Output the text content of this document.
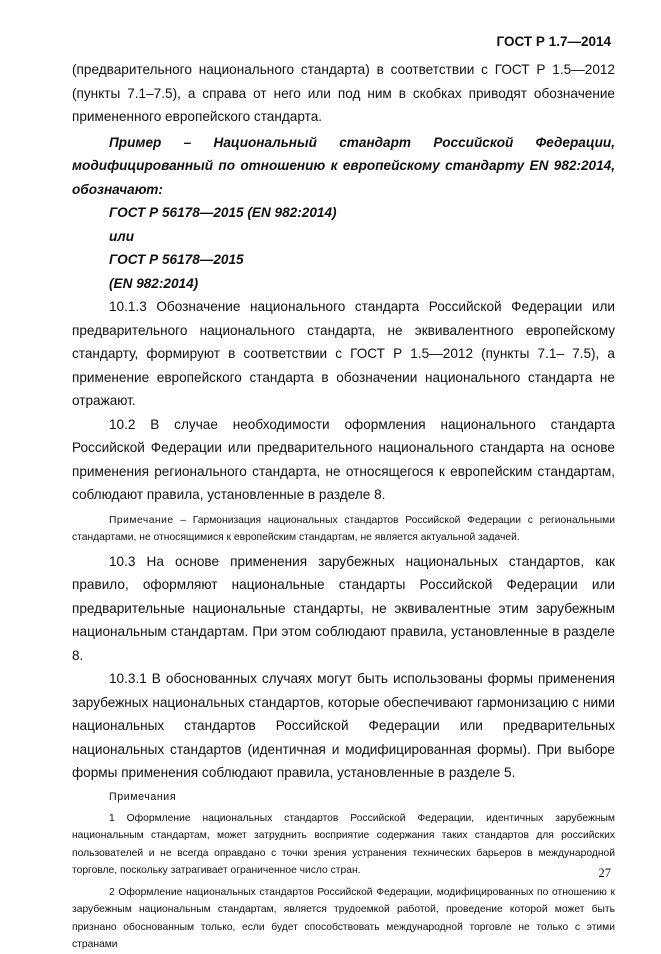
ГОСТ Р 1.7—2014

(предварительного национального стандарта) в соответствии с ГОСТ Р 1.5—2012 (пункты 7.1–7.5), а справа от него или под ним в скобках приводят обозначение примененного европейского стандарта.

Пример – Национальный стандарт Российской Федерации, модифицированный по отношению к европейскому стандарту EN 982:2014, обозначают:

ГОСТ Р 56178—2015 (EN 982:2014)

или

ГОСТ Р 56178—2015

(EN 982:2014)

10.1.3 Обозначение национального стандарта Российской Федерации или предварительного национального стандарта, не эквивалентного европейскому стандарту, формируют в соответствии с ГОСТ Р 1.5—2012 (пункты 7.1– 7.5), а применение европейского стандарта в обозначении национального стандарта не отражают.

10.2 В случае необходимости оформления национального стандарта Российской Федерации или предварительного национального стандарта на основе применения регионального стандарта, не относящегося к европейским стандартам, соблюдают правила, установленные в разделе 8.

Примечание – Гармонизация национальных стандартов Российской Федерации с региональными стандартами, не относящимися к европейским стандартам, не является актуальной задачей.

10.3 На основе применения зарубежных национальных стандартов, как правило, оформляют национальные стандарты Российской Федерации или предварительные национальные стандарты, не эквивалентные этим зарубежным национальным стандартам. При этом соблюдают правила, установленные в разделе 8.

10.3.1 В обоснованных случаях могут быть использованы формы применения зарубежных национальных стандартов, которые обеспечивают гармонизацию с ними национальных стандартов Российской Федерации или предварительных национальных стандартов (идентичная и модифицированная формы). При выборе формы применения соблюдают правила, установленные в разделе 5.

Примечания

1 Оформление национальных стандартов Российской Федерации, идентичных зарубежным национальным стандартам, может затруднить восприятие содержания таких стандартов для российских пользователей и не всегда оправдано с точки зрения устранения технических барьеров в международной торговле, поскольку затрагивает ограниченное число стран.

2 Оформление национальных стандартов Российской Федерации, модифицированных по отношению к зарубежным национальным стандартам, является трудоемкой работой, проведение которой может быть признано обоснованным только, если будет способствовать международной торговле не только с этими странами

27
